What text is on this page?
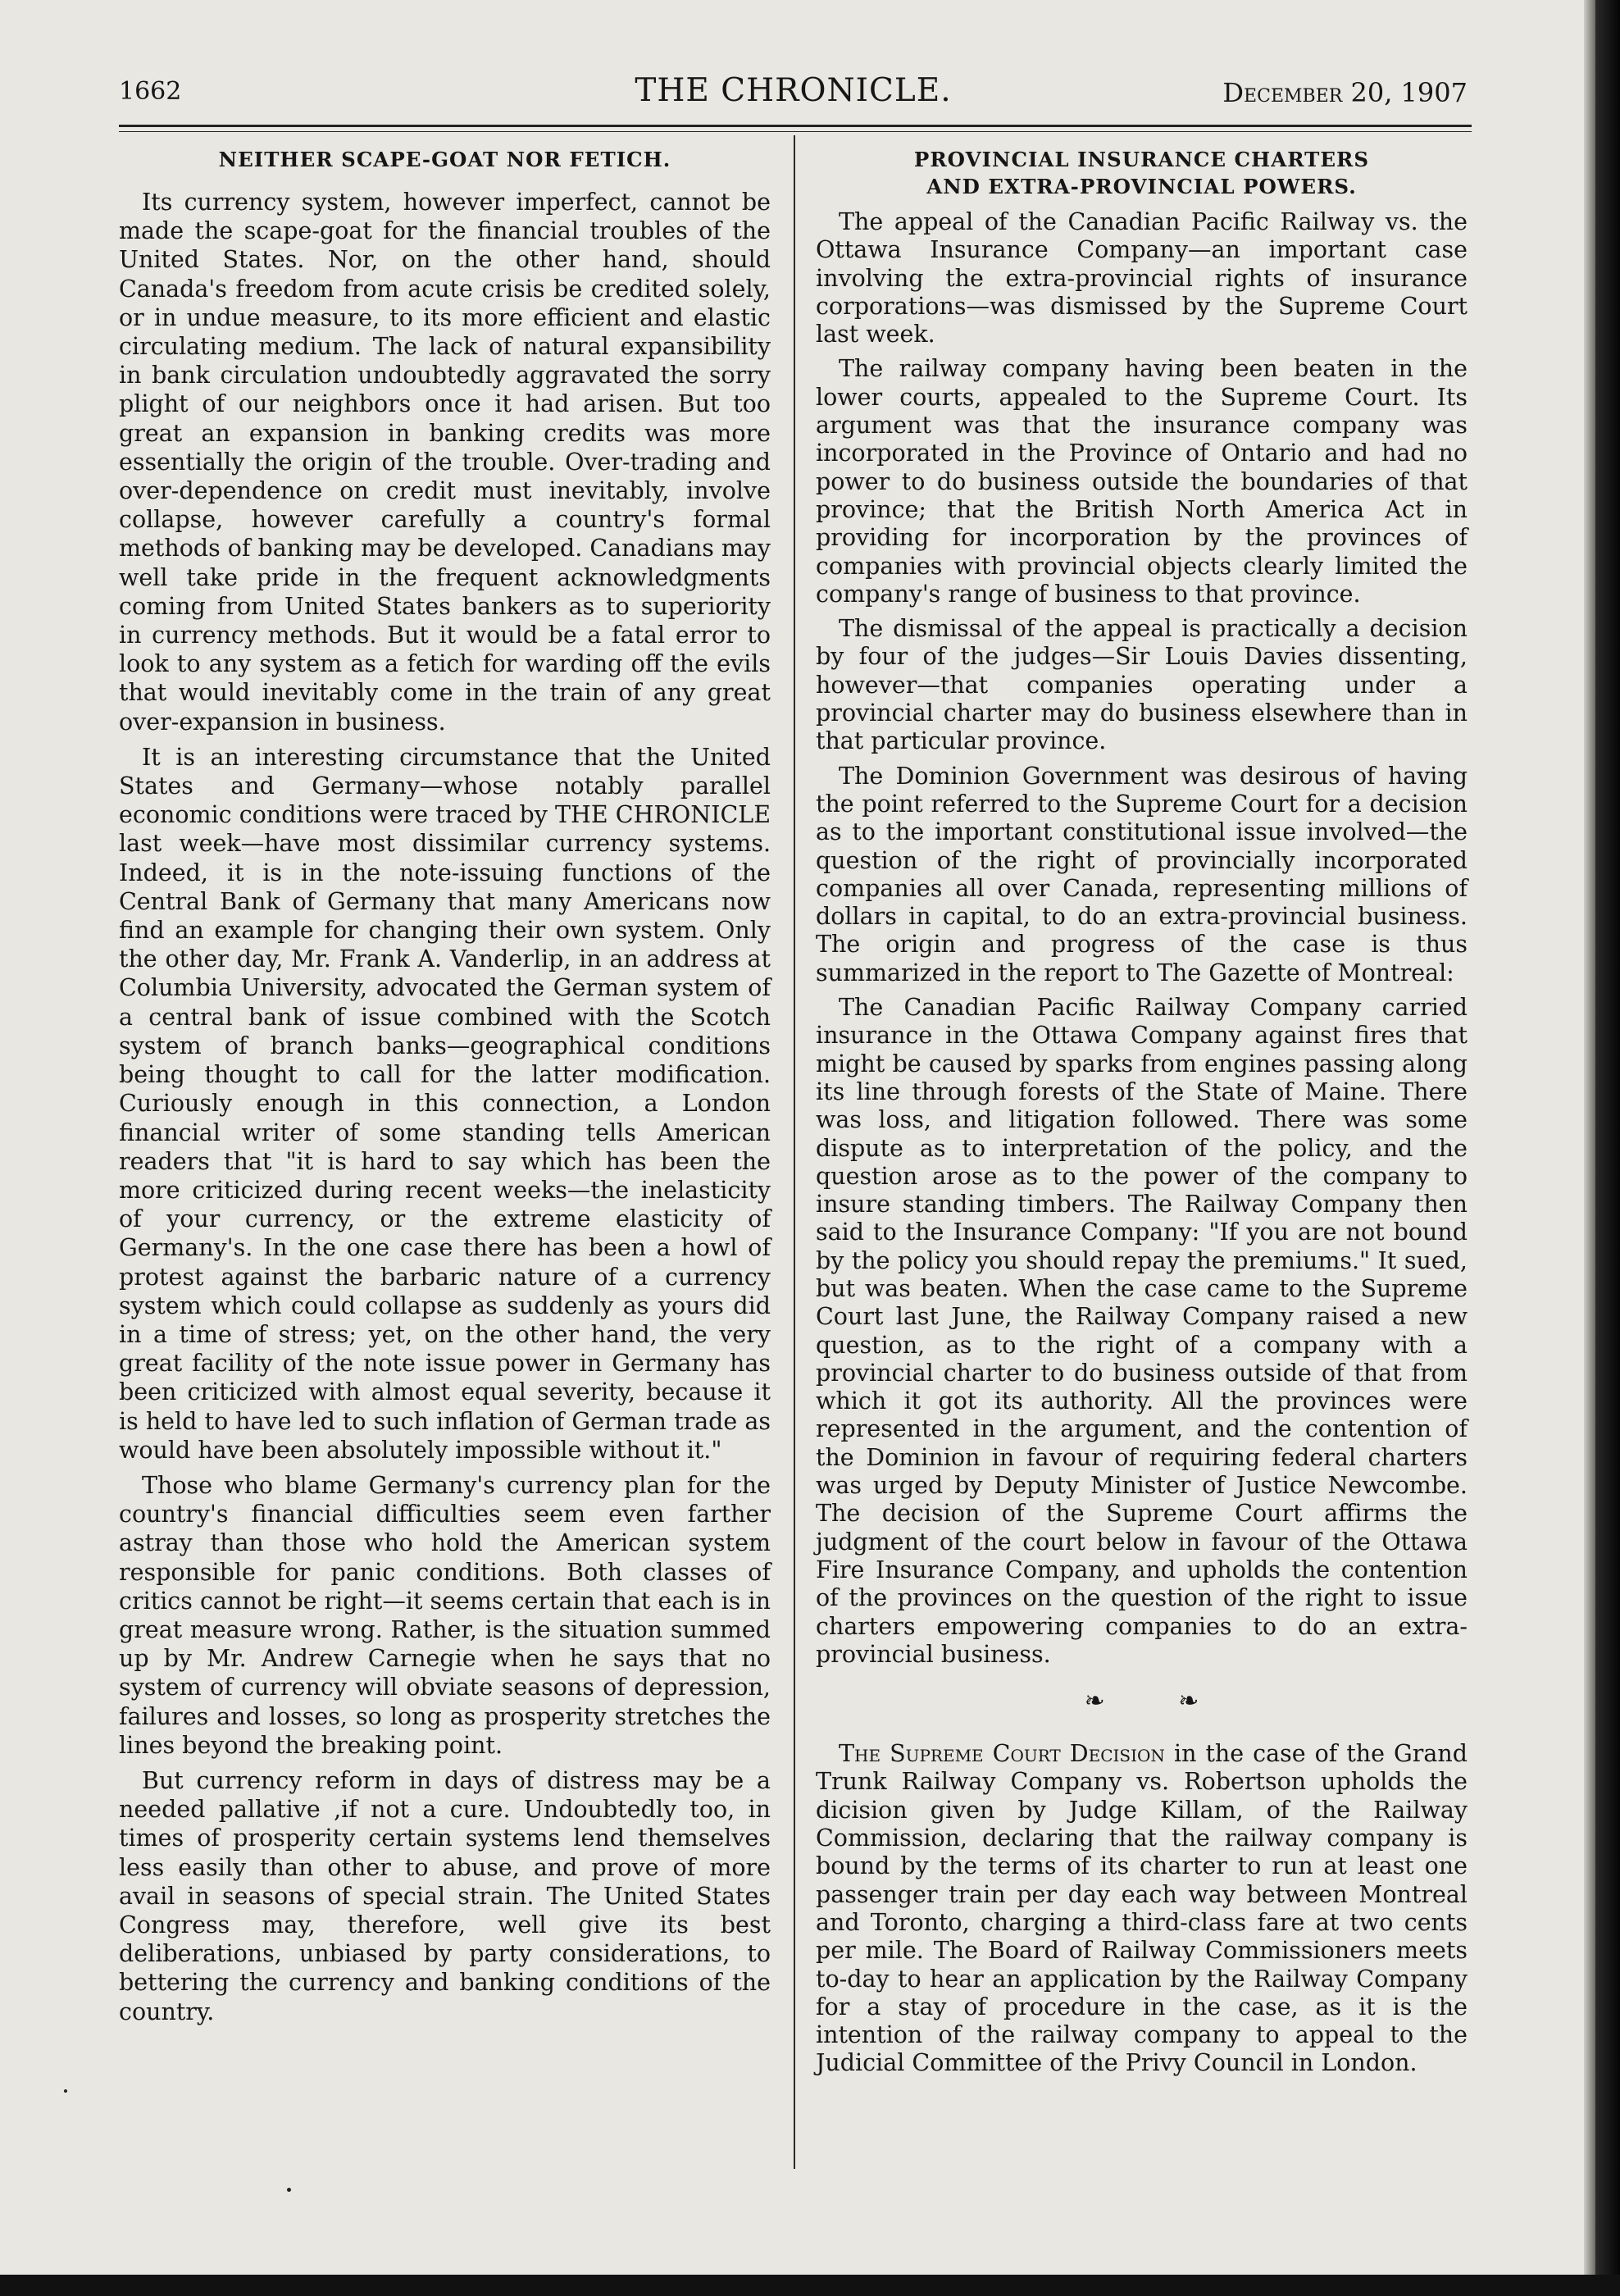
1662	THE CHRONICLE.	December 20, 1907
NEITHER SCAPE-GOAT NOR FETICH.

Its currency system, however imperfect, cannot be made the scape-goat for the financial troubles of the United States. Nor, on the other hand, should Canada's freedom from acute crisis be credited solely, or in undue measure, to its more efficient and elastic circulating medium. The lack of natural expansibility in bank circulation undoubtedly aggravated the sorry plight of our neighbors once it had arisen. But too great an expansion in banking credits was more essentially the origin of the trouble. Over-trading and over-dependence on credit must inevitably, involve collapse, however carefully a country's formal methods of banking may be developed. Canadians may well take pride in the frequent acknowledgments coming from United States bankers as to superiority in currency methods. But it would be a fatal error to look to any system as a fetich for warding off the evils that would inevitably come in the train of any great over-expansion in business.

It is an interesting circumstance that the United States and Germany—whose notably parallel economic conditions were traced by THE CHRONICLE last week—have most dissimilar currency systems. Indeed, it is in the note-issuing functions of the Central Bank of Germany that many Americans now find an example for changing their own system. Only the other day, Mr. Frank A. Vanderlip, in an address at Columbia University, advocated the German system of a central bank of issue combined with the Scotch system of branch banks—geographical conditions being thought to call for the latter modification. Curiously enough in this connection, a London financial writer of some standing tells American readers that "it is hard to say which has been the more criticized during recent weeks—the inelasticity of your currency, or the extreme elasticity of Germany's. In the one case there has been a howl of protest against the barbaric nature of a currency system which could collapse as suddenly as yours did in a time of stress; yet, on the other hand, the very great facility of the note issue power in Germany has been criticized with almost equal severity, because it is held to have led to such inflation of German trade as would have been absolutely impossible without it."

Those who blame Germany's currency plan for the country's financial difficulties seem even farther astray than those who hold the American system responsible for panic conditions. Both classes of critics cannot be right—it seems certain that each is in great measure wrong. Rather, is the situation summed up by Mr. Andrew Carnegie when he says that no system of currency will obviate seasons of depression, failures and losses, so long as prosperity stretches the lines beyond the breaking point.

But currency reform in days of distress may be a needed pallative ,if not a cure. Undoubtedly too, in times of prosperity certain systems lend themselves less easily than other to abuse, and prove of more avail in seasons of special strain. The United States Congress may, therefore, well give its best deliberations, unbiased by party considerations, to bettering the currency and banking conditions of the country.

PROVINCIAL INSURANCE CHARTERS
AND EXTRA-PROVINCIAL POWERS.

The appeal of the Canadian Pacific Railway vs. the Ottawa Insurance Company—an important case involving the extra-provincial rights of insurance corporations—was dismissed by the Supreme Court last week.

The railway company having been beaten in the lower courts, appealed to the Supreme Court. Its argument was that the insurance company was incorporated in the Province of Ontario and had no power to do business outside the boundaries of that province; that the British North America Act in providing for incorporation by the provinces of companies with provincial objects clearly limited the company's range of business to that province.

The dismissal of the appeal is practically a decision by four of the judges—Sir Louis Davies dissenting, however—that companies operating under a provincial charter may do business elsewhere than in that particular province.

The Dominion Government was desirous of having the point referred to the Supreme Court for a decision as to the important constitutional issue involved—the question of the right of provincially incorporated companies all over Canada, representing millions of dollars in capital, to do an extra-provincial business. The origin and progress of the case is thus summarized in the report to The Gazette of Montreal:

The Canadian Pacific Railway Company carried insurance in the Ottawa Company against fires that might be caused by sparks from engines passing along its line through forests of the State of Maine. There was loss, and litigation followed. There was some dispute as to interpretation of the policy, and the question arose as to the power of the company to insure standing timbers. The Railway Company then said to the Insurance Company: "If you are not bound by the policy you should repay the premiums." It sued, but was beaten. When the case came to the Supreme Court last June, the Railway Company raised a new question, as to the right of a company with a provincial charter to do business outside of that from which it got its authority. All the provinces were represented in the argument, and the contention of the Dominion in favour of requiring federal charters was urged by Deputy Minister of Justice Newcombe. The decision of the Supreme Court affirms the judgment of the court below in favour of the Ottawa Fire Insurance Company, and upholds the contention of the provinces on the question of the right to issue charters empowering companies to do an extra-provincial business.

❧ ❧

The Supreme Court Decision in the case of the Grand Trunk Railway Company vs. Robertson upholds the dicision given by Judge Killam, of the Railway Commission, declaring that the railway company is bound by the terms of its charter to run at least one passenger train per day each way between Montreal and Toronto, charging a third-class fare at two cents per mile. The Board of Railway Commissioners meets to-day to hear an application by the Railway Company for a stay of procedure in the case, as it is the intention of the railway company to appeal to the Judicial Committee of the Privy Council in London.
